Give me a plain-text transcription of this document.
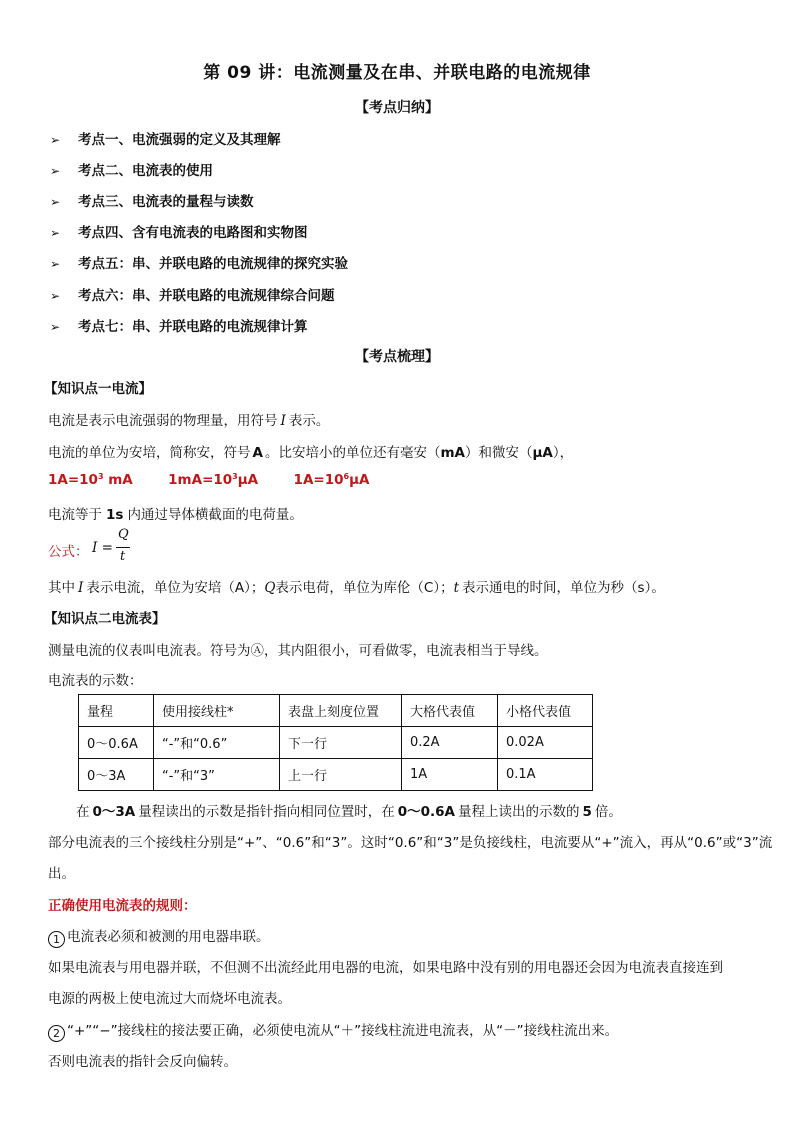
第 09 讲：电流测量及在串、并联电路的电流规律
【考点归纳】
➢ 考点一、电流强弱的定义及其理解
➢ 考点二、电流表的使用
➢ 考点三、电流表的量程与读数
➢ 考点四、含有电流表的电路图和实物图
➢ 考点五：串、并联电路的电流规律的探究实验
➢ 考点六：串、并联电路的电流规律综合问题
➢ 考点七：串、并联电路的电流规律计算
【考点梳理】
【知识点一电流】
电流是表示电流强弱的物理量，用符号 I 表示。
电流的单位为安培，简称安，符号 A 。比安培小的单位还有毫安（mA）和微安（μA），
$1A=10^3$ mA	$1mA=10^3\mu A$	$1A=10^6\mu A$
电流等于 1s 内通过导体横截面的电荷量。
公式： I =
Q
t
其中 I 表示电流，单位为安培（A）；Q表示电荷，单位为库伦（C）；t 表示通电的时间，单位为秒（s）。
【知识点二电流表】
测量电流的仪表叫电流表。符号为Ⓐ，其内阻很小，可看做零，电流表相当于导线。
电流表的示数：
量程	使用接线柱*	表盘上刻度位置	大格代表值	小格代表值
0～0.6A	“-”和“0.6”	下一行	0.2A	0.02A
0～3A	“-”和“3”	上一行	1A	0.1A
在 0～3A 量程读出的示数是指针指向相同位置时，在 0～0.6A 量程上读出的示数的 5 倍。
部分电流表的三个接线柱分别是“+”、“0.6”和“3”。这时“0.6”和“3”是负接线柱，电流要从“+”流入，再从“0.6”或“3”流
出。
正确使用电流表的规则：
1 电流表必须和被测的用电器串联。
如果电流表与用电器并联，不但测不出流经此用电器的电流，如果电路中没有别的用电器还会因为电流表直接连到
电源的两极上使电流过大而烧坏电流表。
2 “+”“−”接线柱的接法要正确，必须使电流从“＋”接线柱流进电流表，从“－”接线柱流出来。
否则电流表的指针会反向偏转。
